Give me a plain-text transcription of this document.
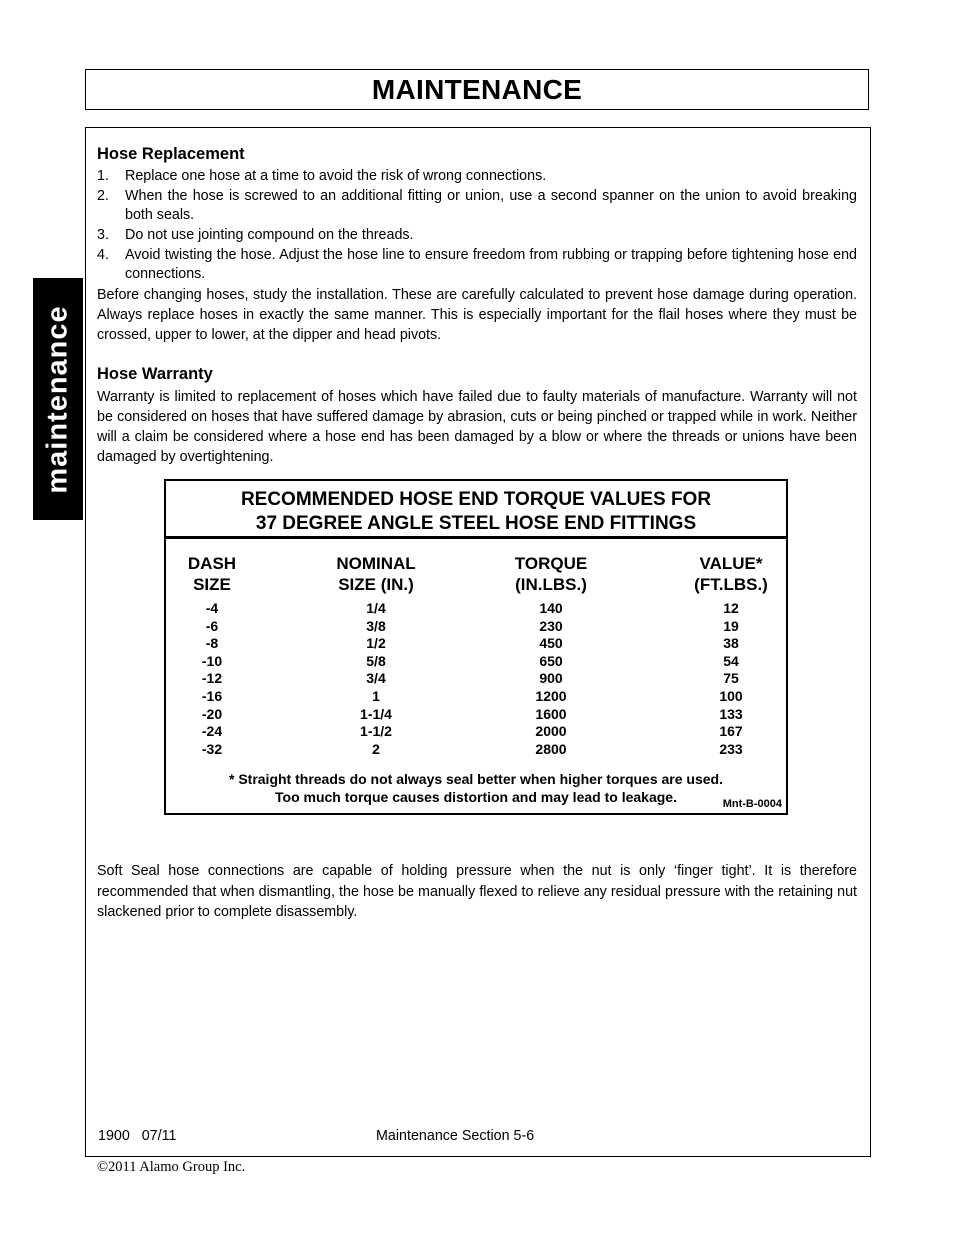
MAINTENANCE
maintenance
Hose Replacement
1. Replace one hose at a time to avoid the risk of wrong connections.
2. When the hose is screwed to an additional fitting or union, use a second spanner on the union to avoid breaking both seals.
3. Do not use jointing compound on the threads.
4. Avoid twisting the hose. Adjust the hose line to ensure freedom from rubbing or trapping before tightening hose end connections.

Before changing hoses, study the installation. These are carefully calculated to prevent hose damage during operation. Always replace hoses in exactly the same manner. This is especially important for the flail hoses where they must be crossed, upper to lower, at the dipper and head pivots.

Hose Warranty

Warranty is limited to replacement of hoses which have failed due to faulty materials of manufacture. Warranty will not be considered on hoses that have suffered damage by abrasion, cuts or being pinched or trapped while in work. Neither will a claim be considered where a hose end has been damaged by a blow or where the threads or unions have been damaged by overtightening.

RECOMMENDED HOSE END TORQUE VALUES FOR
37 DEGREE ANGLE STEEL HOSE END FITTINGS
DASH
SIZE
NOMINAL
SIZE (IN.)
TORQUE
(IN.LBS.)
VALUE*
(FT.LBS.)
-4	1/4	140	12
-6	3/8	230	19
-8	1/2	450	38
-10	5/8	650	54
-12	3/4	900	75
-16	1	1200	100
-20	1-1/4	1600	133
-24	1-1/2	2000	167
-32	2	2800	233
* Straight threads do not always seal better when higher torques are used.
Too much torque causes distortion and may lead to leakage.	Mnt-B-0004

Soft Seal hose connections are capable of holding pressure when the nut is only ‘finger tight’. It is therefore recommended that when dismantling, the hose be manually flexed to relieve any residual pressure with the retaining nut slackened prior to complete disassembly.

1900   07/11	Maintenance Section 5-6
©2011 Alamo Group Inc.
